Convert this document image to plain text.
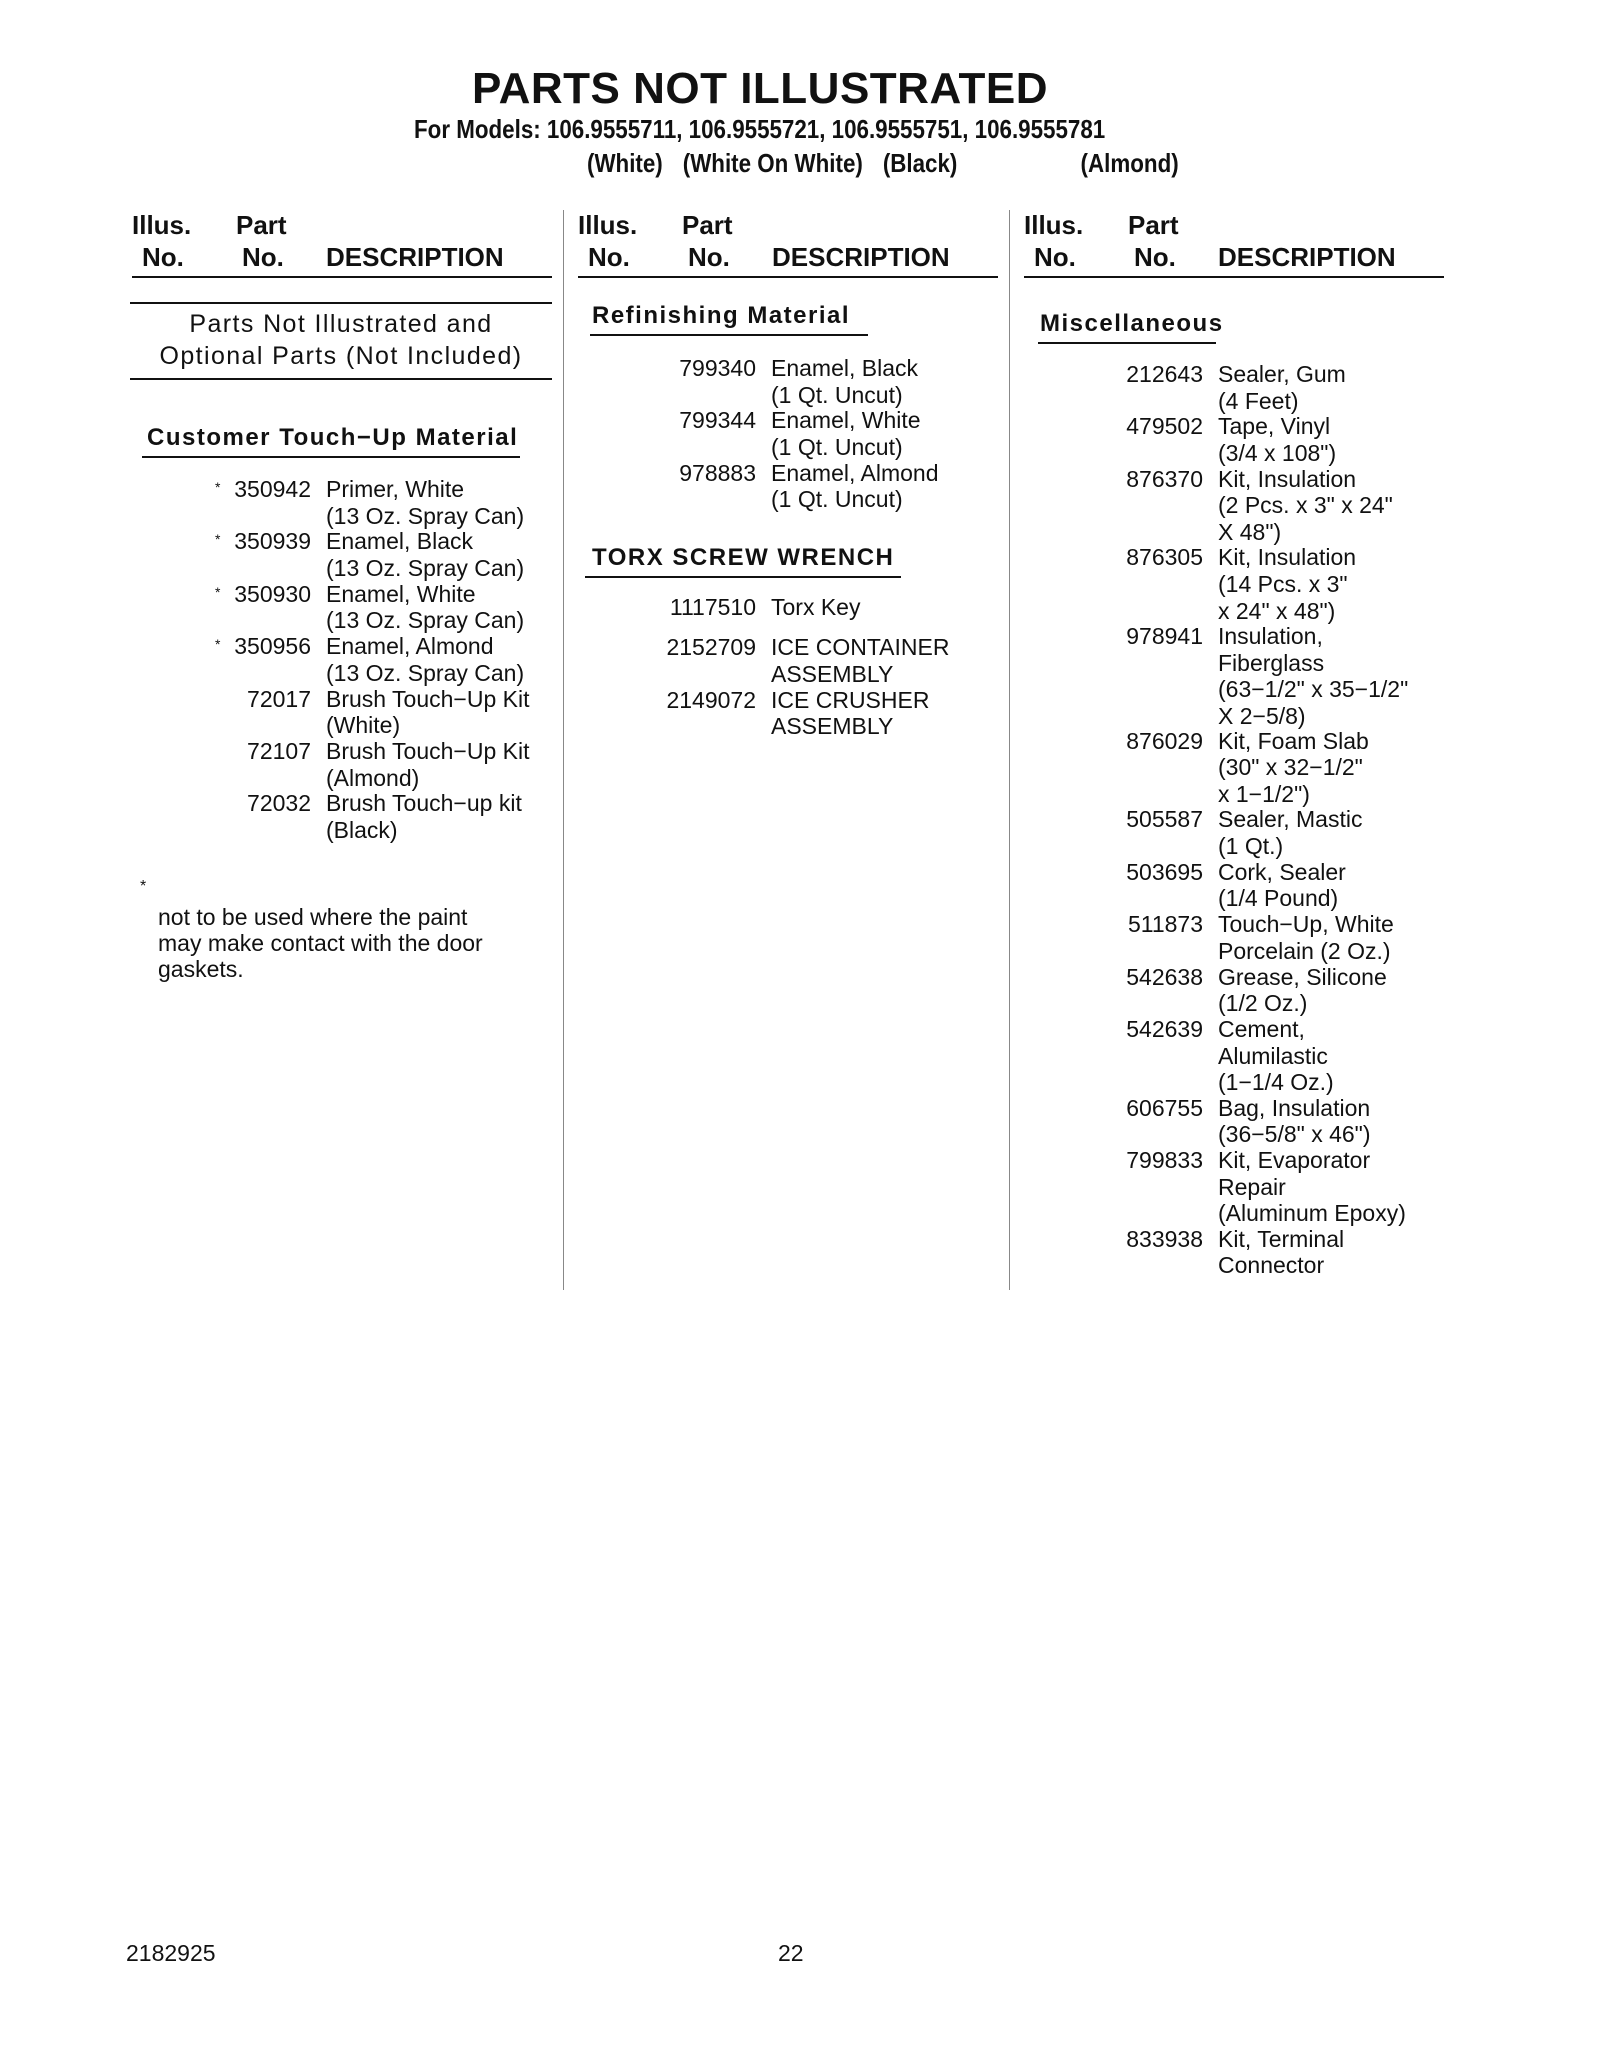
PARTS NOT ILLUSTRATED
For Models: 106.9555711, 106.9555721, 106.9555751, 106.9555781
(White) (White On White) (Black)	(Almond)
Illus.
No.
Part
No. DESCRIPTION
Illus.
No.
Part
No. DESCRIPTION
Illus.
No.
Part
No. DESCRIPTION
Parts Not Illustrated and
Optional Parts (Not Included)
Customer Touch−Up Material
* 350942 Primer, White
(13 Oz. Spray Can)
* 350939 Enamel, Black
(13 Oz. Spray Can)
* 350930 Enamel, White
(13 Oz. Spray Can)
* 350956 Enamel, Almond
(13 Oz. Spray Can)
72017 Brush Touch−Up Kit
(White)
72107 Brush Touch−Up Kit
(Almond)
72032 Brush Touch−up kit
(Black)
*
not to be used where the paint
may make contact with the door
gaskets.
Refinishing Material
TORX SCREW WRENCH
799340 Enamel, Black
(1 Qt. Uncut)
799344 Enamel, White
(1 Qt. Uncut)
978883 Enamel, Almond
(1 Qt. Uncut)
1117510 Torx Key
2152709 ICE CONTAINER
ASSEMBLY
2149072 ICE CRUSHER
ASSEMBLY
Miscellaneous
212643 Sealer, Gum
(4 Feet)
479502 Tape, Vinyl
(3/4 x 108")
876370 Kit, Insulation
(2 Pcs. x 3" x 24"
X 48")
876305 Kit, Insulation
(14 Pcs. x 3"
x 24" x 48")
978941 Insulation,
Fiberglass
(63−1/2" x 35−1/2"
X 2−5/8)
876029 Kit, Foam Slab
(30" x 32−1/2"
x 1−1/2")
505587 Sealer, Mastic
(1 Qt.)
503695 Cork, Sealer
(1/4 Pound)
511873 Touch−Up, White
Porcelain (2 Oz.)
542638 Grease, Silicone
(1/2 Oz.)
542639 Cement,
Alumilastic
(1−1/4 Oz.)
606755 Bag, Insulation
(36−5/8" x 46")
799833 Kit, Evaporator
Repair
(Aluminum Epoxy)
833938 Kit, Terminal
Connector
2182925	22
